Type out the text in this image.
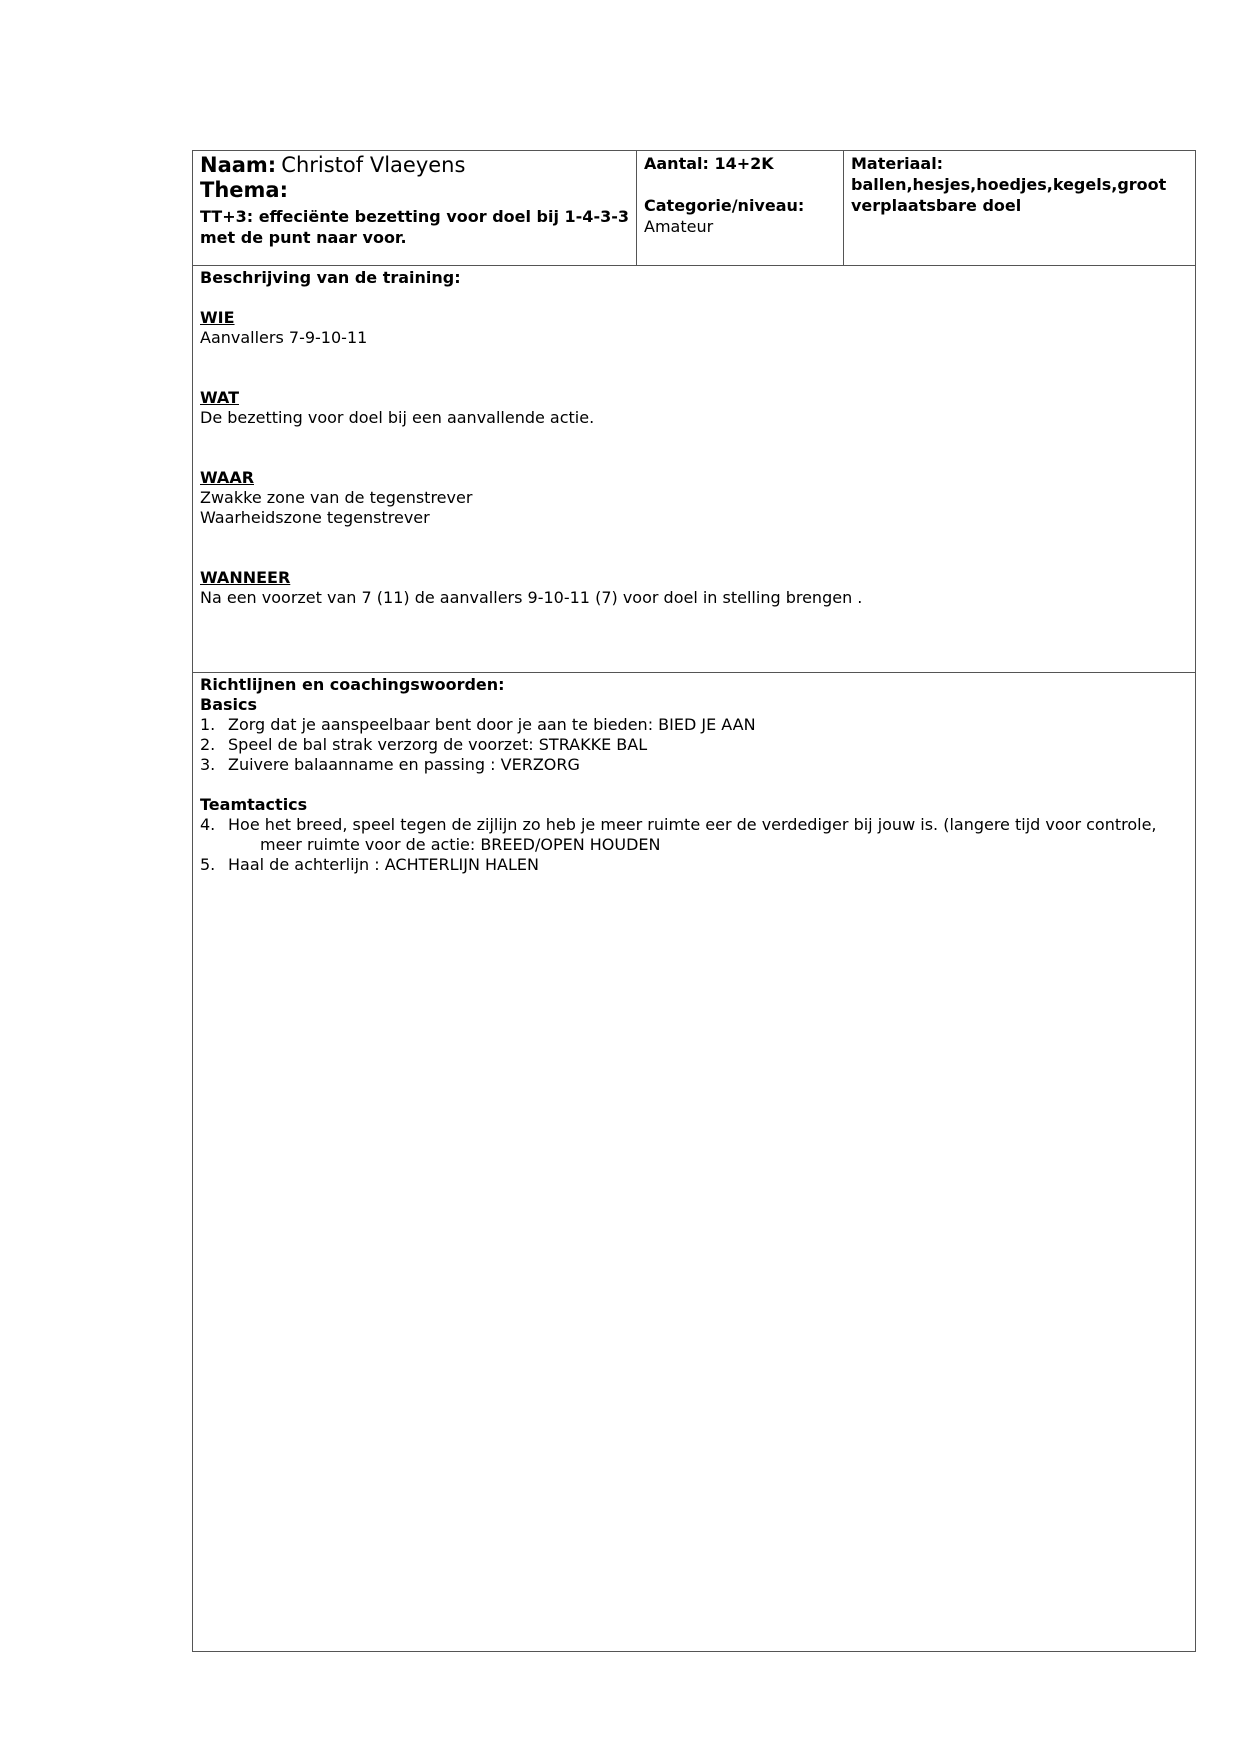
Naam: Christof Vlaeyens
Thema:
TT+3: effeciënte bezetting voor doel bij 1-4-3-3 met de punt naar voor.
Aantal: 14+2K

Categorie/niveau:
Amateur
Materiaal:
ballen,hesjes,hoedjes,kegels,groot verplaatsbare doel
Beschrijving van de training:
WIE
Aanvallers 7-9-10-11
WAT
De bezetting voor doel bij een aanvallende actie.
WAAR
Zwakke zone van de tegenstrever
Waarheidszone tegenstrever
WANNEER
Na een voorzet van 7 (11) de aanvallers 9-10-11 (7) voor doel in stelling brengen .
Richtlijnen en coachingswoorden:
Basics
1. Zorg dat je aanspeelbaar bent door je aan te bieden: BIED JE AAN
2. Speel de bal strak verzorg de voorzet: STRAKKE BAL
3. Zuivere balaanname en passing : VERZORG

Teamtactics
4. Hoe het breed, speel tegen de zijlijn zo heb je meer ruimte eer de verdediger bij jouw is. (langere tijd voor controle, meer ruimte voor de actie: BREED/OPEN HOUDEN
5. Haal de achterlijn : ACHTERLIJN HALEN
